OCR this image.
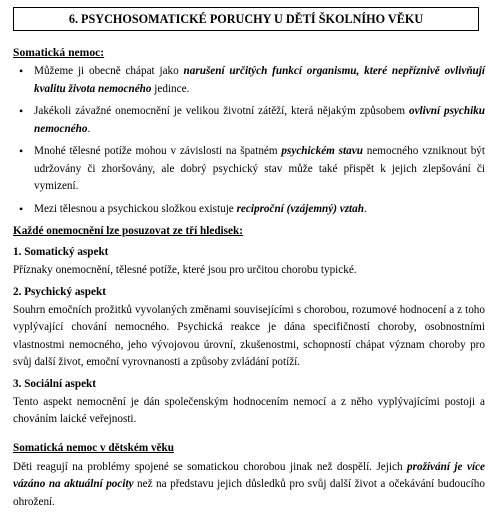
6. PSYCHOSOMATICKÉ PORUCHY U DĚTÍ ŠKOLNÍHO VĚKU
Somatická nemoc:
• Můžeme ji obecně chápat jako narušení určitých funkcí organismu, které nepříznivě ovlivňují kvalitu života nemocného jedince.
• Jakékoli závažné onemocnění je velikou životní zátěží, která nějakým způsobem ovlivní psychiku nemocného.
• Mnohé tělesné potíže mohou v závislosti na špatném psychickém stavu nemocného vzniknout být udržovány či zhoršovány, ale dobrý psychický stav může také přispět k jejich zlepšování či vymizení.
• Mezi tělesnou a psychickou složkou existuje reciproční (vzájemný) vztah.
Každé onemocnění lze posuzovat ze tří hledisek:
1. Somatický aspekt

Příznaky onemocnění, tělesné potíže, které jsou pro určitou chorobu typické.

2. Psychický aspekt

Souhrn emočních prožitků vyvolaných změnami souvisejícími s chorobou, rozumové hodnocení a z toho vyplývající chování nemocného. Psychická reakce je dána specifičností choroby, osobnostními vlastnostmi nemocného, jeho vývojovou úrovní, zkušenostmi, schopností chápat význam choroby pro svůj další život, emoční vyrovnanosti a způsoby zvládání potíží.

3. Sociální aspekt

Tento aspekt nemocnění je dán společenským hodnocením nemocí a z něho vyplývajícími postoji a chováním laické veřejnosti.

Somatická nemoc v dětském věku

Děti reagují na problémy spojené se somatickou chorobou jinak než dospělí. Jejich prožívání je více vázáno na aktuální pocity než na představu jejich důsledků pro svůj další život a očekávání budoucího ohrožení.
